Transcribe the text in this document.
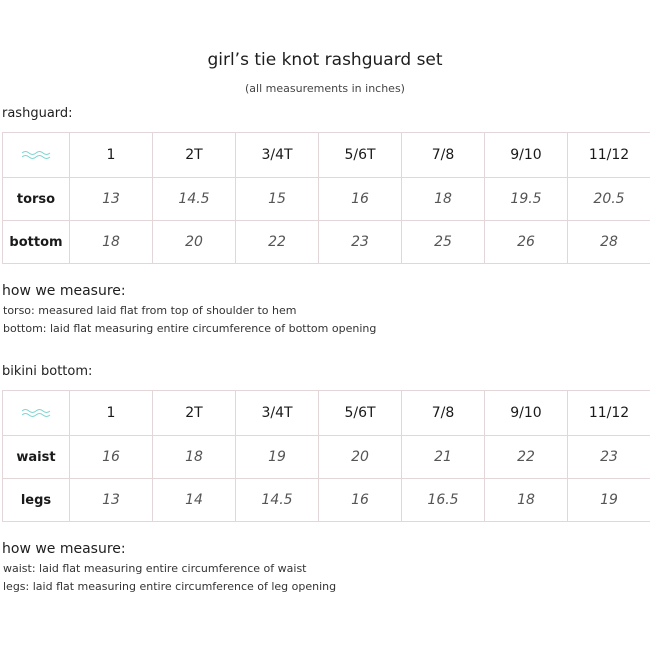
girl’s tie knot rashguard set
(all measurements in inches)
rashguard:
	1	2T	3/4T	5/6T	7/8	9/10	11/12
torso	13	14.5	15	16	18	19.5	20.5
bottom	18	20	22	23	25	26	28
how we measure:
torso: measured laid flat from top of shoulder to hem
bottom: laid flat measuring entire circumference of bottom opening
bikini bottom:
	1	2T	3/4T	5/6T	7/8	9/10	11/12
waist	16	18	19	20	21	22	23
legs	13	14	14.5	16	16.5	18	19
how we measure:
waist: laid flat measuring entire circumference of waist
legs: laid flat measuring entire circumference of leg opening
